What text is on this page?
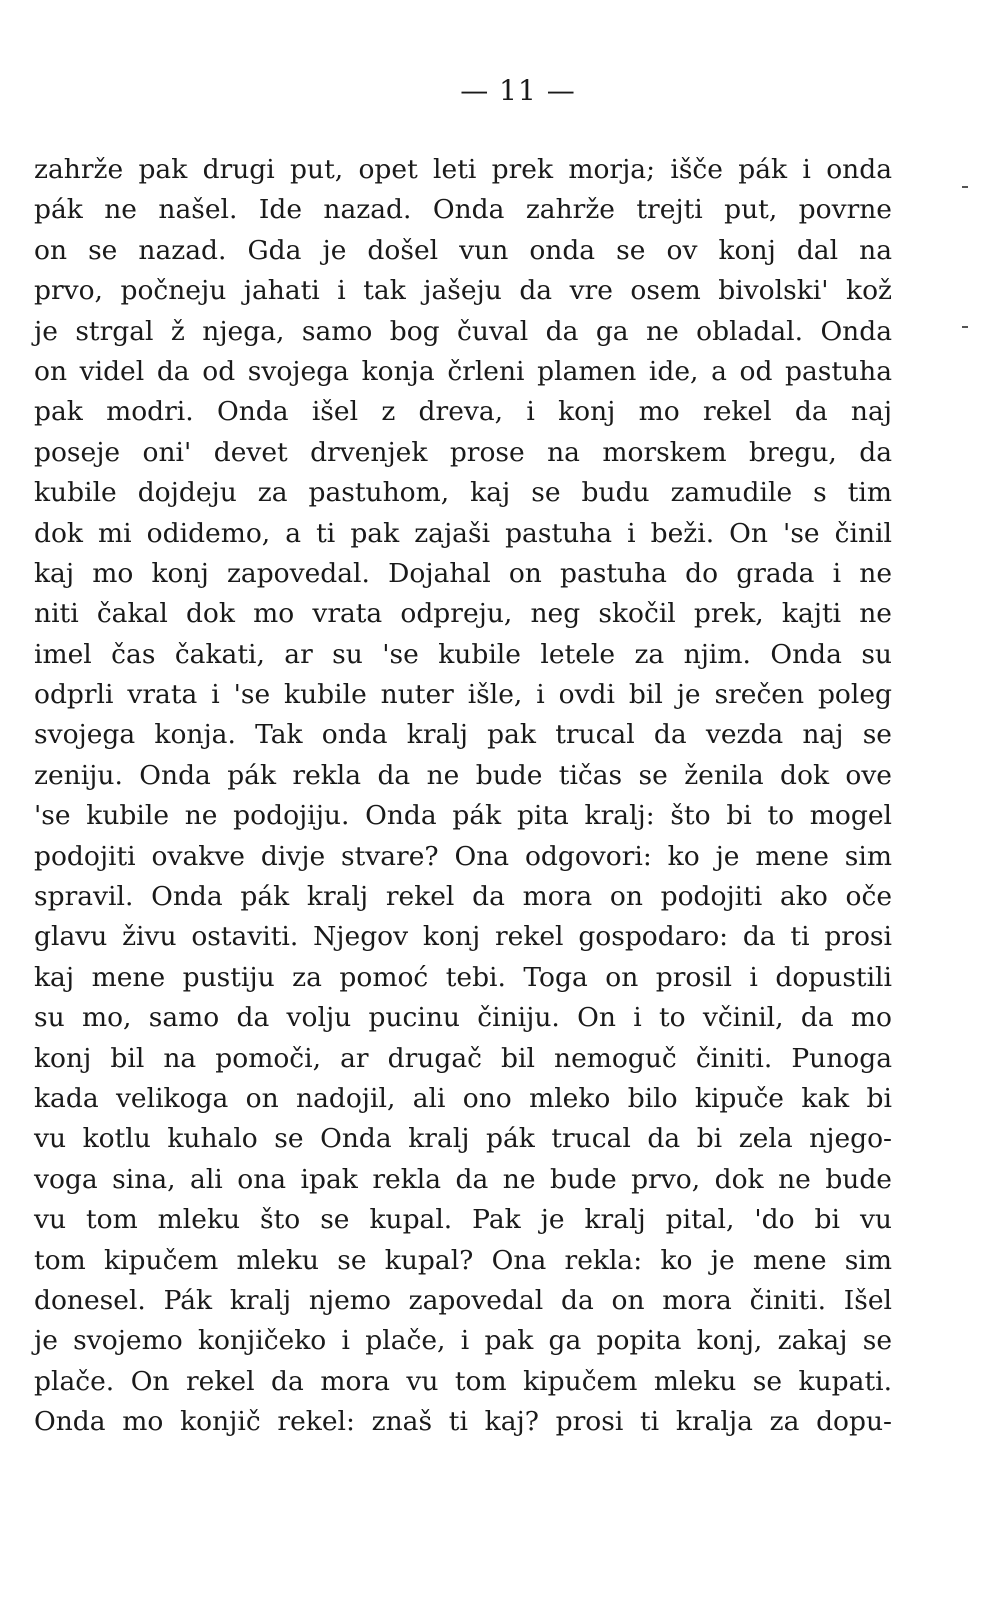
— 11 —
zahrže pak drugi put, opet leti prek morja; išče pák i onda
pák ne našel. Ide nazad. Onda zahrže trejti put, povrne
on se nazad. Gda je došel vun onda se ov konj dal na
prvo, počneju jahati i tak jašeju da vre osem bivolski' kož
je strgal ž njega, samo bog čuval da ga ne obladal. Onda
on videl da od svojega konja črleni plamen ide, a od pastuha
pak modri. Onda išel z dreva, i konj mo rekel da naj
poseje oni' devet drvenjek prose na morskem bregu, da
kubile dojdeju za pastuhom, kaj se budu zamudile s tim
dok mi odidemo, a ti pak zajaši pastuha i beži. On 'se činil
kaj mo konj zapovedal. Dojahal on pastuha do grada i ne
niti čakal dok mo vrata odpreju, neg skočil prek, kajti ne
imel čas čakati, ar su 'se kubile letele za njim. Onda su
odprli vrata i 'se kubile nuter išle, i ovdi bil je srečen poleg
svojega konja. Tak onda kralj pak trucal da vezda naj se
zeniju. Onda pák rekla da ne bude tičas se ženila dok ove
'se kubile ne podojiju. Onda pák pita kralj: što bi to mogel
podojiti ovakve divje stvare? Ona odgovori: ko je mene sim
spravil. Onda pák kralj rekel da mora on podojiti ako oče
glavu živu ostaviti. Njegov konj rekel gospodaro: da ti prosi
kaj mene pustiju za pomoć tebi. Toga on prosil i dopustili
su mo, samo da volju pucinu činiju. On i to včinil, da mo
konj bil na pomoči, ar drugač bil nemoguč činiti. Punoga
kada velikoga on nadojil, ali ono mleko bilo kipuče kak bi
vu kotlu kuhalo se Onda kralj pák trucal da bi zela njego-
voga sina, ali ona ipak rekla da ne bude prvo, dok ne bude
vu tom mleku što se kupal. Pak je kralj pital, 'do bi vu
tom kipučem mleku se kupal? Ona rekla: ko je mene sim
donesel. Pák kralj njemo zapovedal da on mora činiti. Išel
je svojemo konjičeko i plače, i pak ga popita konj, zakaj se
plače. On rekel da mora vu tom kipučem mleku se kupati.
Onda mo konjič rekel: znaš ti kaj? prosi ti kralja za dopu-
